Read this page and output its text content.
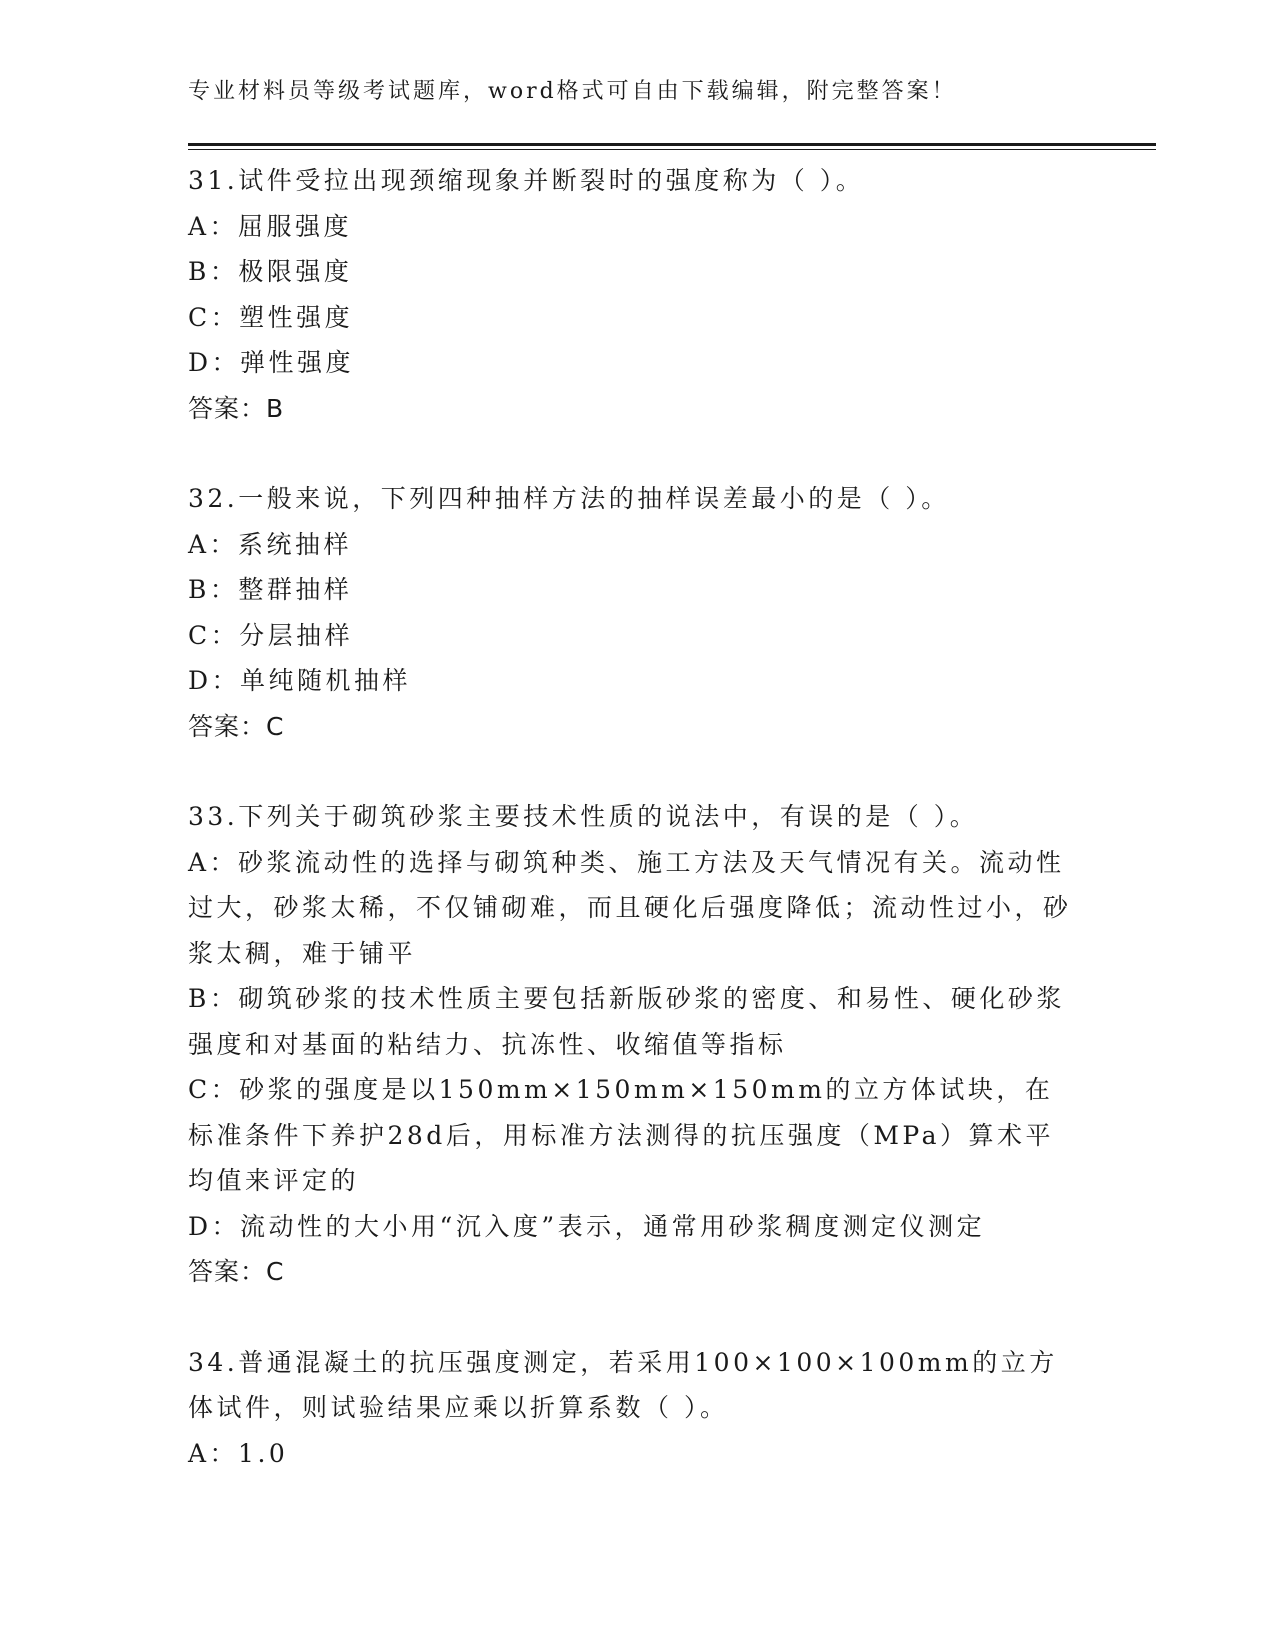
专业材料员等级考试题库，word格式可自由下载编辑，附完整答案！

31.试件受拉出现颈缩现象并断裂时的强度称为（ ）。

A：屈服强度

B：极限强度

C：塑性强度

D：弹性强度

答案：B

32.一般来说，下列四种抽样方法的抽样误差最小的是（ ）。

A：系统抽样

B：整群抽样

C：分层抽样

D：单纯随机抽样

答案：C

33.下列关于砌筑砂浆主要技术性质的说法中，有误的是（ ）。

A：砂浆流动性的选择与砌筑种类、施工方法及天气情况有关。流动性过大，砂浆太稀，不仅铺砌难，而且硬化后强度降低；流动性过小，砂浆太稠，难于铺平

B：砌筑砂浆的技术性质主要包括新版砂浆的密度、和易性、硬化砂浆强度和对基面的粘结力、抗冻性、收缩值等指标

C：砂浆的强度是以150mm×150mm×150mm的立方体试块，在标准条件下养护28d后，用标准方法测得的抗压强度（MPa）算术平均值来评定的

D：流动性的大小用“沉入度”表示，通常用砂浆稠度测定仪测定

答案：C

34.普通混凝土的抗压强度测定，若采用100×100×100mm的立方体试件，则试验结果应乘以折算系数（ ）。

A：1.0
